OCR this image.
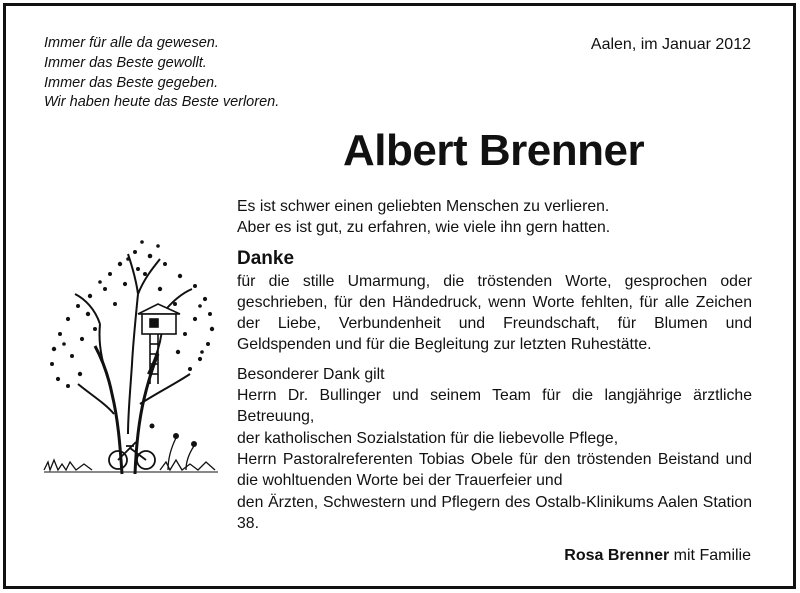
Immer für alle da gewesen.
Immer das Beste gewollt.
Immer das Beste gegeben.
Wir haben heute das Beste verloren.
Aalen, im Januar 2012
Albert Brenner
Es ist schwer einen geliebten Menschen zu verlieren.
Aber es ist gut, zu erfahren, wie viele ihn gern hatten.

Danke

für die stille Umarmung, die tröstenden Worte, gesprochen oder geschrieben, für den Händedruck, wenn Worte fehlten, für alle Zeichen der Liebe, Verbundenheit und Freundschaft, für Blumen und Geldspenden und für die Begleitung zur letzten Ruhestätte.

Besonderer Dank gilt

Herrn Dr. Bullinger und seinem Team für die langjährige ärztliche Betreuung,

der katholischen Sozialstation für die liebevolle Pflege,

Herrn Pastoralreferenten Tobias Obele für den tröstenden Beistand und die wohltuenden Worte bei der Trauerfeier und

den Ärzten, Schwestern und Pflegern des Ostalb-Klinikums Aalen Station 38.

Rosa Brenner mit Familie
